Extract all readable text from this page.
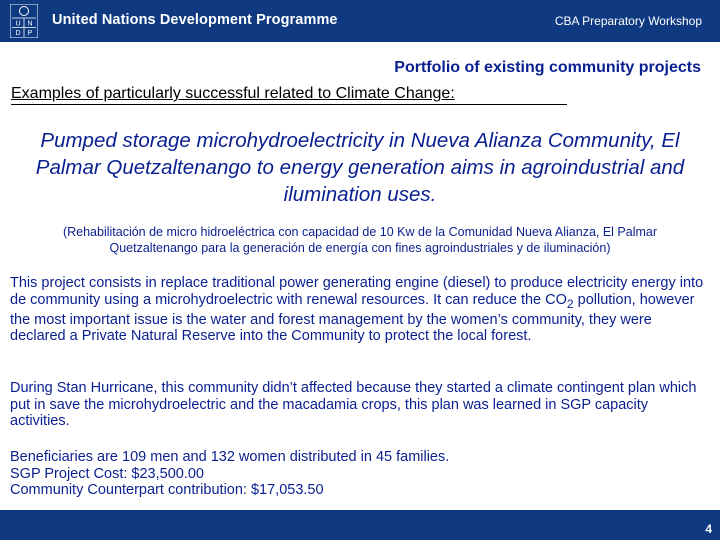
U N
D P
United Nations Development Programme	CBA Preparatory Workshop
Portfolio of existing community projects
Examples of particularly successful related to Climate Change:
Pumped storage microhydroelectricity in Nueva Alianza Community, El Palmar Quetzaltenango to energy generation aims in agroindustrial and ilumination uses.
(Rehabilitación de micro hidroeléctrica con capacidad de 10 Kw de la Comunidad Nueva Alianza, El Palmar Quetzaltenango para la generación de energía con fines agroindustriales y de iluminación)
This project consists in replace traditional power generating engine (diesel) to produce electricity energy into de community using a microhydroelectric with renewal resources. It can reduce the $CO_2$ pollution, however the most important issue is the water and forest management by the women’s community, they were declared a Private Natural Reserve into the Community to protect the local forest.
During Stan Hurricane, this community didn’t affected because they started a climate contingent plan which put in save the microhydroelectric and the macadamia crops, this plan was learned in SGP capacity activities.
Beneficiaries are 109 men and 132 women distributed in 45 families.
SGP Project Cost: $23,500.00
Community Counterpart contribution: $17,053.50
4
